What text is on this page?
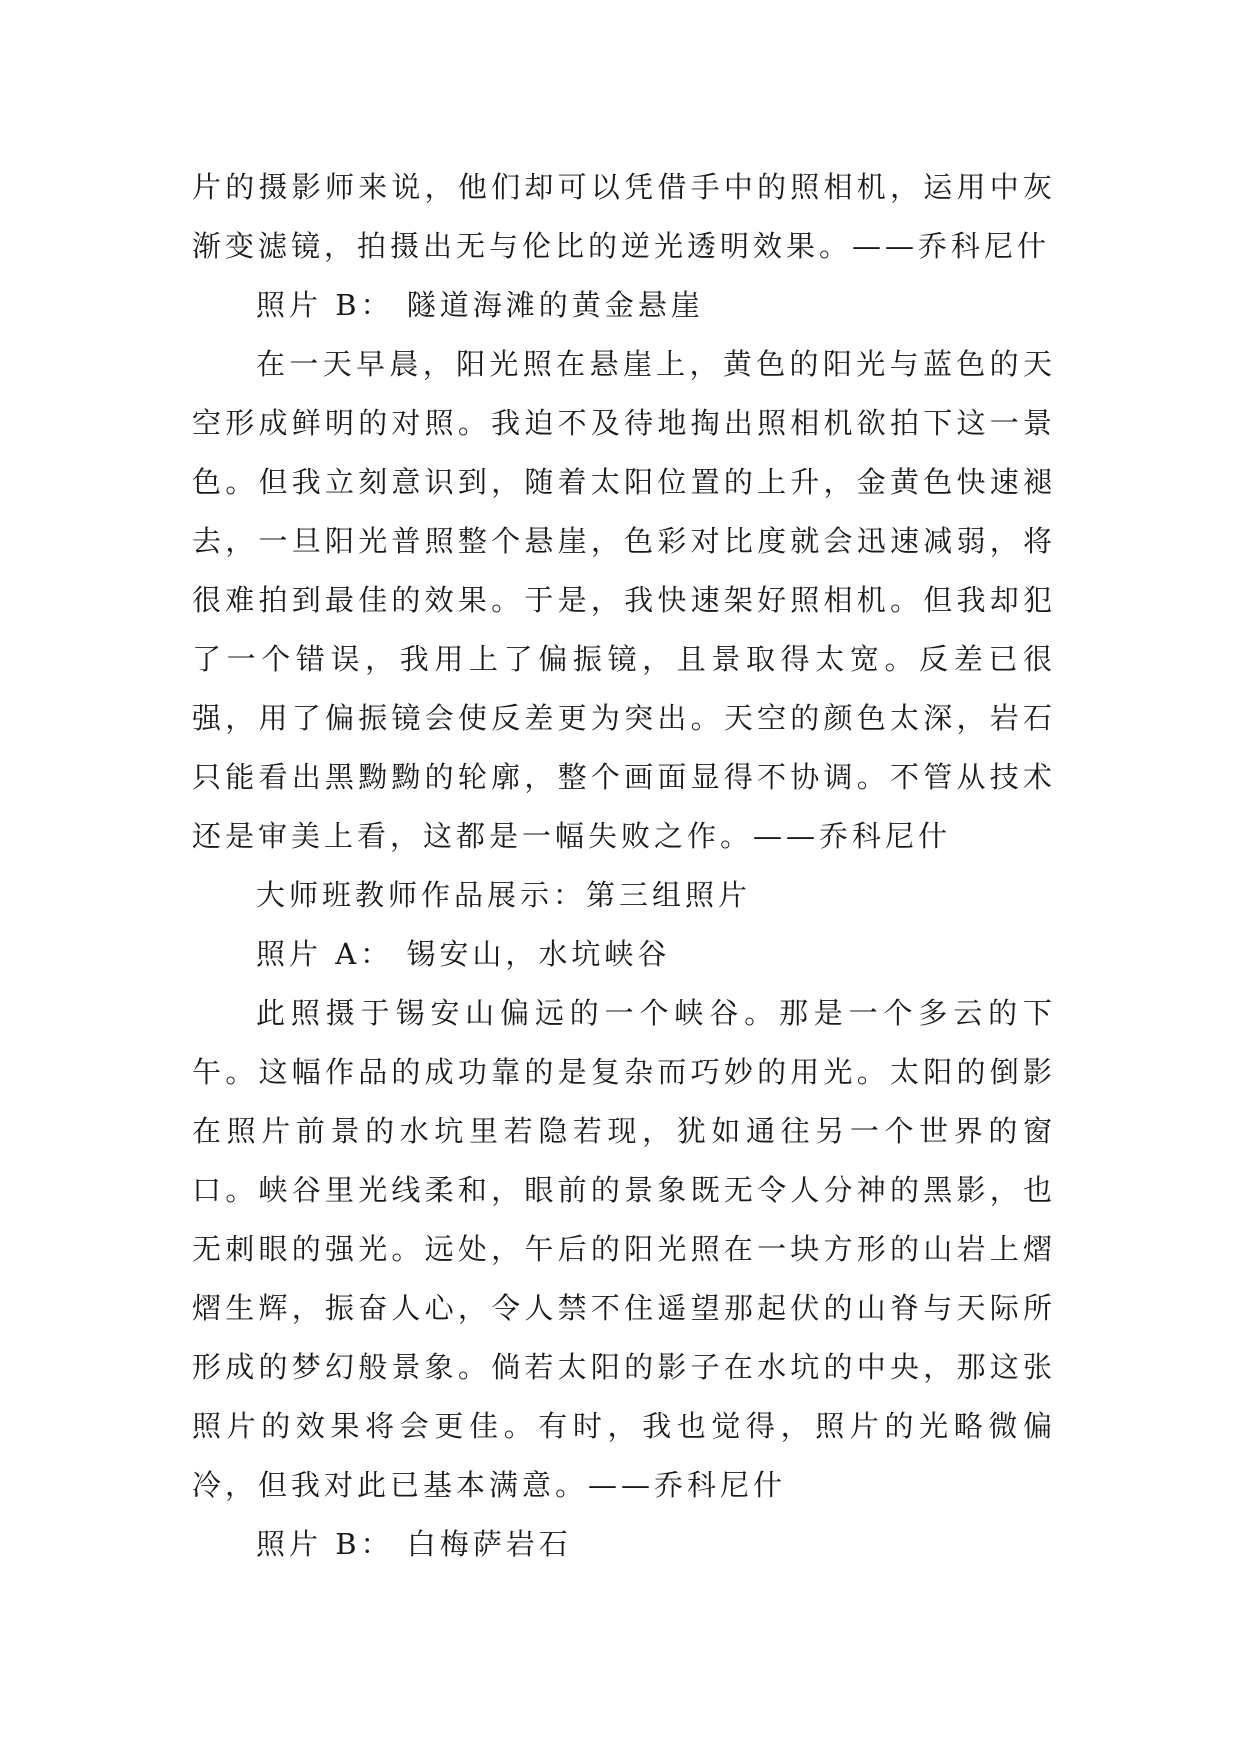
片的摄影师来说，他们却可以凭借手中的照相机，运用中灰渐变滤镜，拍摄出无与伦比的逆光透明效果。——乔科尼什

照片 B： 隧道海滩的黄金悬崖

在一天早晨，阳光照在悬崖上，黄色的阳光与蓝色的天空形成鲜明的对照。我迫不及待地掏出照相机欲拍下这一景色。但我立刻意识到，随着太阳位置的上升，金黄色快速褪去，一旦阳光普照整个悬崖，色彩对比度就会迅速减弱，将很难拍到最佳的效果。于是，我快速架好照相机。但我却犯了一个错误，我用上了偏振镜，且景取得太宽。反差已很强，用了偏振镜会使反差更为突出。天空的颜色太深，岩石只能看出黑黝黝的轮廓，整个画面显得不协调。不管从技术还是审美上看，这都是一幅失败之作。——乔科尼什

大师班教师作品展示：第三组照片

照片 A： 锡安山，水坑峡谷

此照摄于锡安山偏远的一个峡谷。那是一个多云的下午。这幅作品的成功靠的是复杂而巧妙的用光。太阳的倒影在照片前景的水坑里若隐若现，犹如通往另一个世界的窗口。峡谷里光线柔和，眼前的景象既无令人分神的黑影，也无刺眼的强光。远处，午后的阳光照在一块方形的山岩上熠熠生辉，振奋人心，令人禁不住遥望那起伏的山脊与天际所形成的梦幻般景象。倘若太阳的影子在水坑的中央，那这张照片的效果将会更佳。有时，我也觉得，照片的光略微偏冷，但我对此已基本满意。——乔科尼什

照片 B： 白梅萨岩石
